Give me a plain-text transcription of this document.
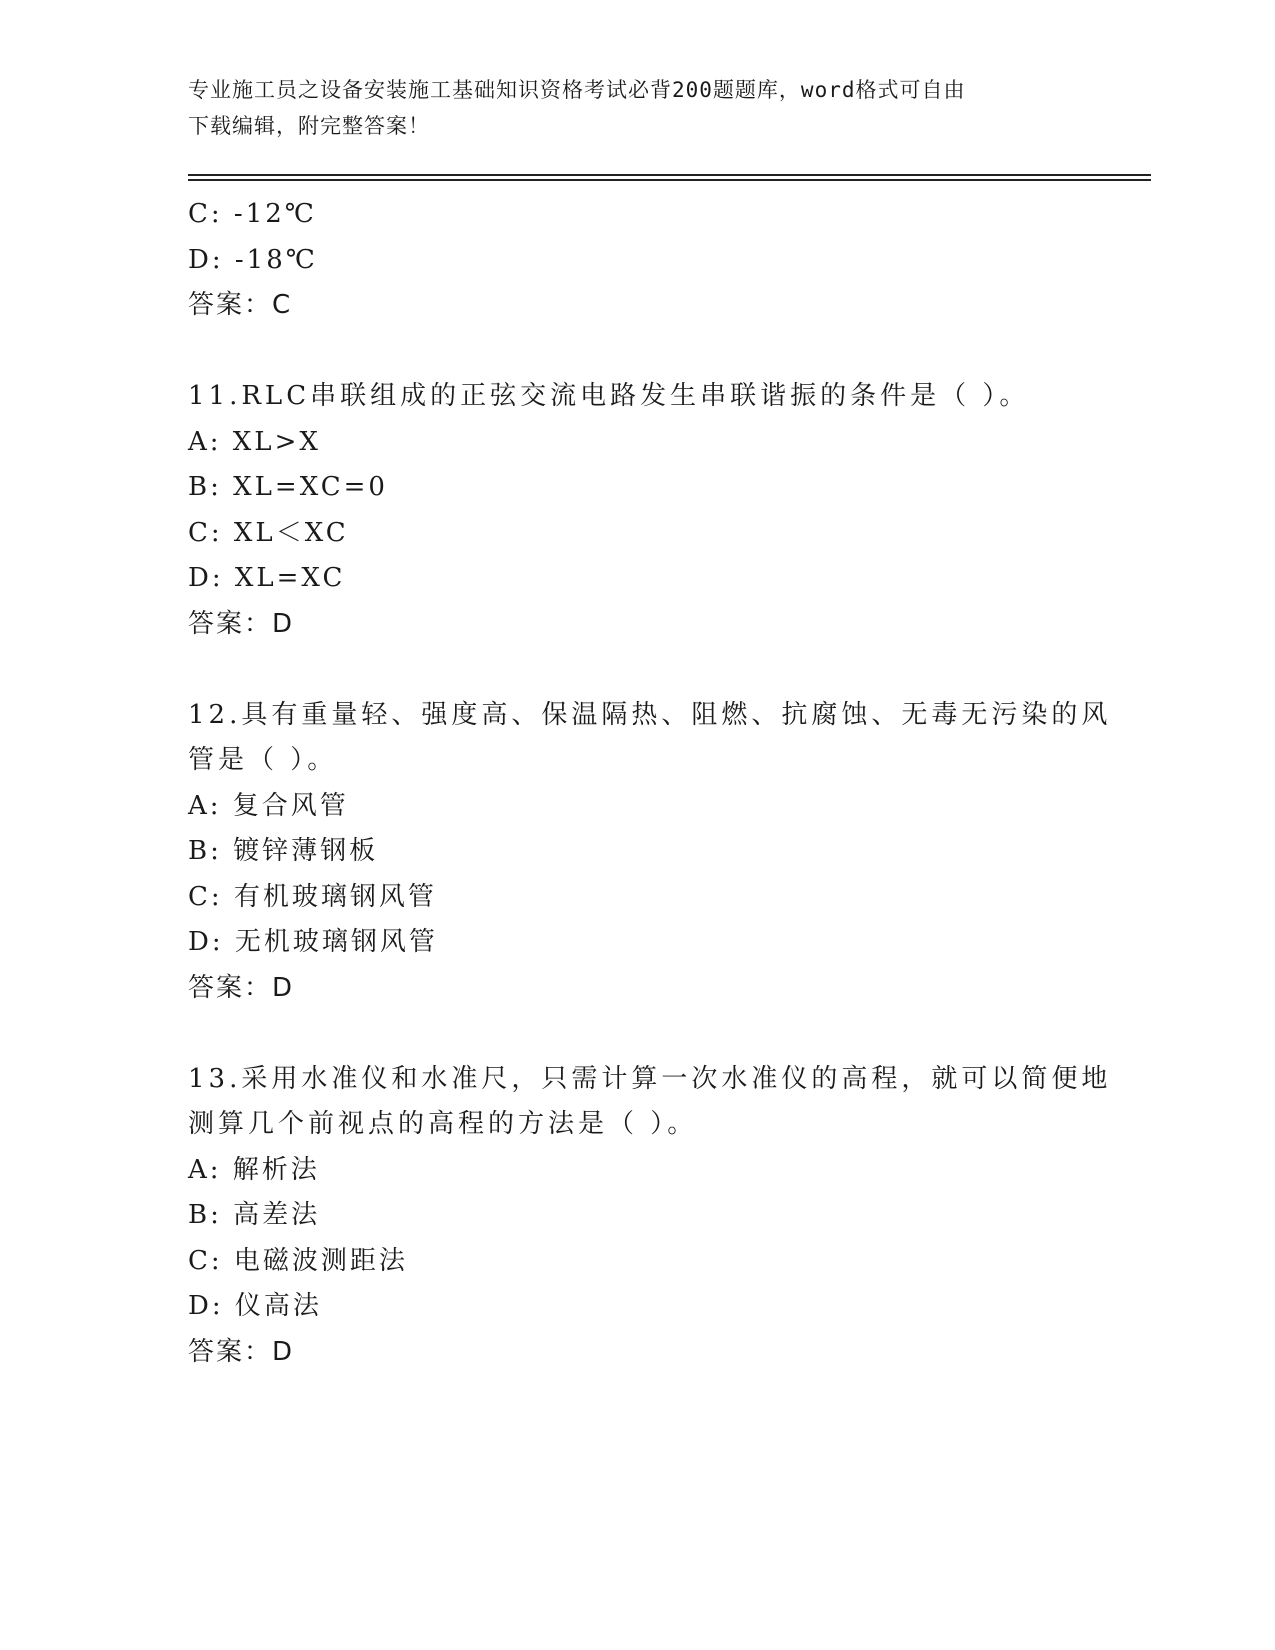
专业施工员之设备安装施工基础知识资格考试必背200题题库，word格式可自由
下载编辑，附完整答案！
C: -12℃
D: -18℃
答案：C
11.RLC串联组成的正弦交流电路发生串联谐振的条件是（ ）。
A: XL>X
B: XL=XC=0
C: XL＜XC
D: XL=XC
答案：D
12.具有重量轻、强度高、保温隔热、阻燃、抗腐蚀、无毒无污染的风
管是（ ）。
A: 复合风管
B: 镀锌薄钢板
C: 有机玻璃钢风管
D: 无机玻璃钢风管
答案：D
13.采用水准仪和水准尺，只需计算一次水准仪的高程，就可以简便地
测算几个前视点的高程的方法是（ ）。
A: 解析法
B: 高差法
C: 电磁波测距法
D: 仪高法
答案：D
